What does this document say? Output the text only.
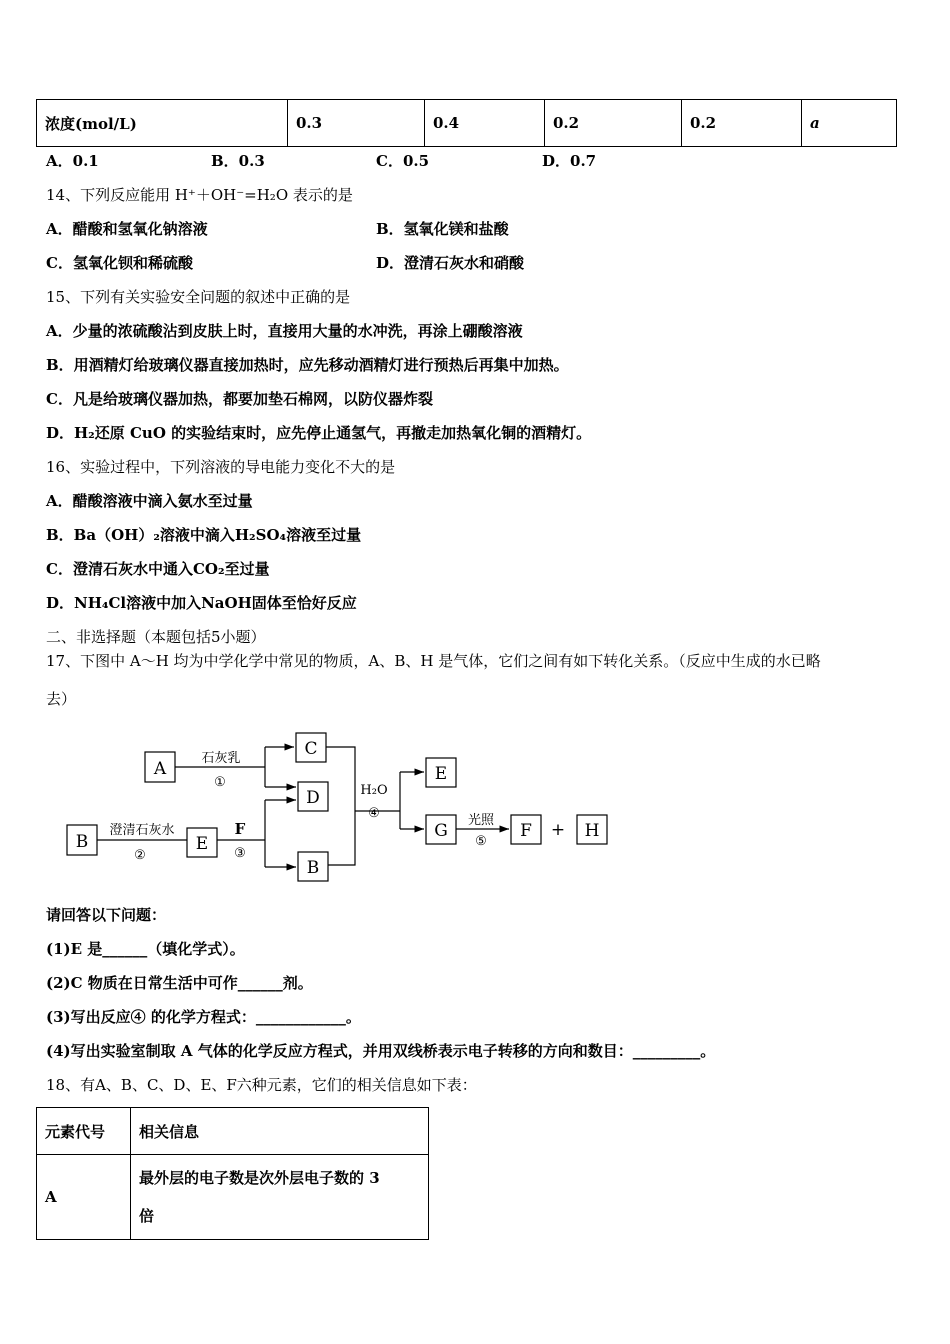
浓度(mol/L)	0.3	0.4	0.2	0.2	a
A．0.1	B．0.3	C．0.5	D．0.7
14、下列反应能用 H⁺＋OH⁻=H₂O 表示的是
A．醋酸和氢氧化钠溶液	B．氢氧化镁和盐酸
C．氢氧化钡和稀硫酸	D．澄清石灰水和硝酸
15、下列有关实验安全问题的叙述中正确的是
A．少量的浓硫酸沾到皮肤上时，直接用大量的水冲洗，再涂上硼酸溶液
B．用酒精灯给玻璃仪器直接加热时，应先移动酒精灯进行预热后再集中加热。
C．凡是给玻璃仪器加热，都要加垫石棉网，以防仪器炸裂
D．H₂还原 CuO 的实验结束时，应先停止通氢气，再撤走加热氧化铜的酒精灯。
16、实验过程中，下列溶液的导电能力变化不大的是
A．醋酸溶液中滴入氨水至过量
B．Ba（OH）₂溶液中滴入H₂SO₄溶液至过量
C．澄清石灰水中通入CO₂至过量
D．NH₄Cl溶液中加入NaOH固体至恰好反应
二、非选择题（本题包括5小题）
17、下图中 A～H 均为中学化学中常见的物质，A、B、H 是气体，它们之间有如下转化关系。（反应中生成的水已略
去）
A
C
D
B	E
B
E
G	F + H
石灰乳
①
澄清石灰水
②
F
③
H₂O
④	光照
⑤
请回答以下问题：
(1)E 是______（填化学式）。
(2)C 物质在日常生活中可作______剂。
(3)写出反应④ 的化学方程式：____________。
(4)写出实验室制取 A 气体的化学反应方程式，并用双线桥表示电子转移的方向和数目：_________。
18、有A、B、C、D、E、F六种元素，它们的相关信息如下表：
元素代号	相关信息
A	最外层的电子数是次外层电子数的 3
倍
